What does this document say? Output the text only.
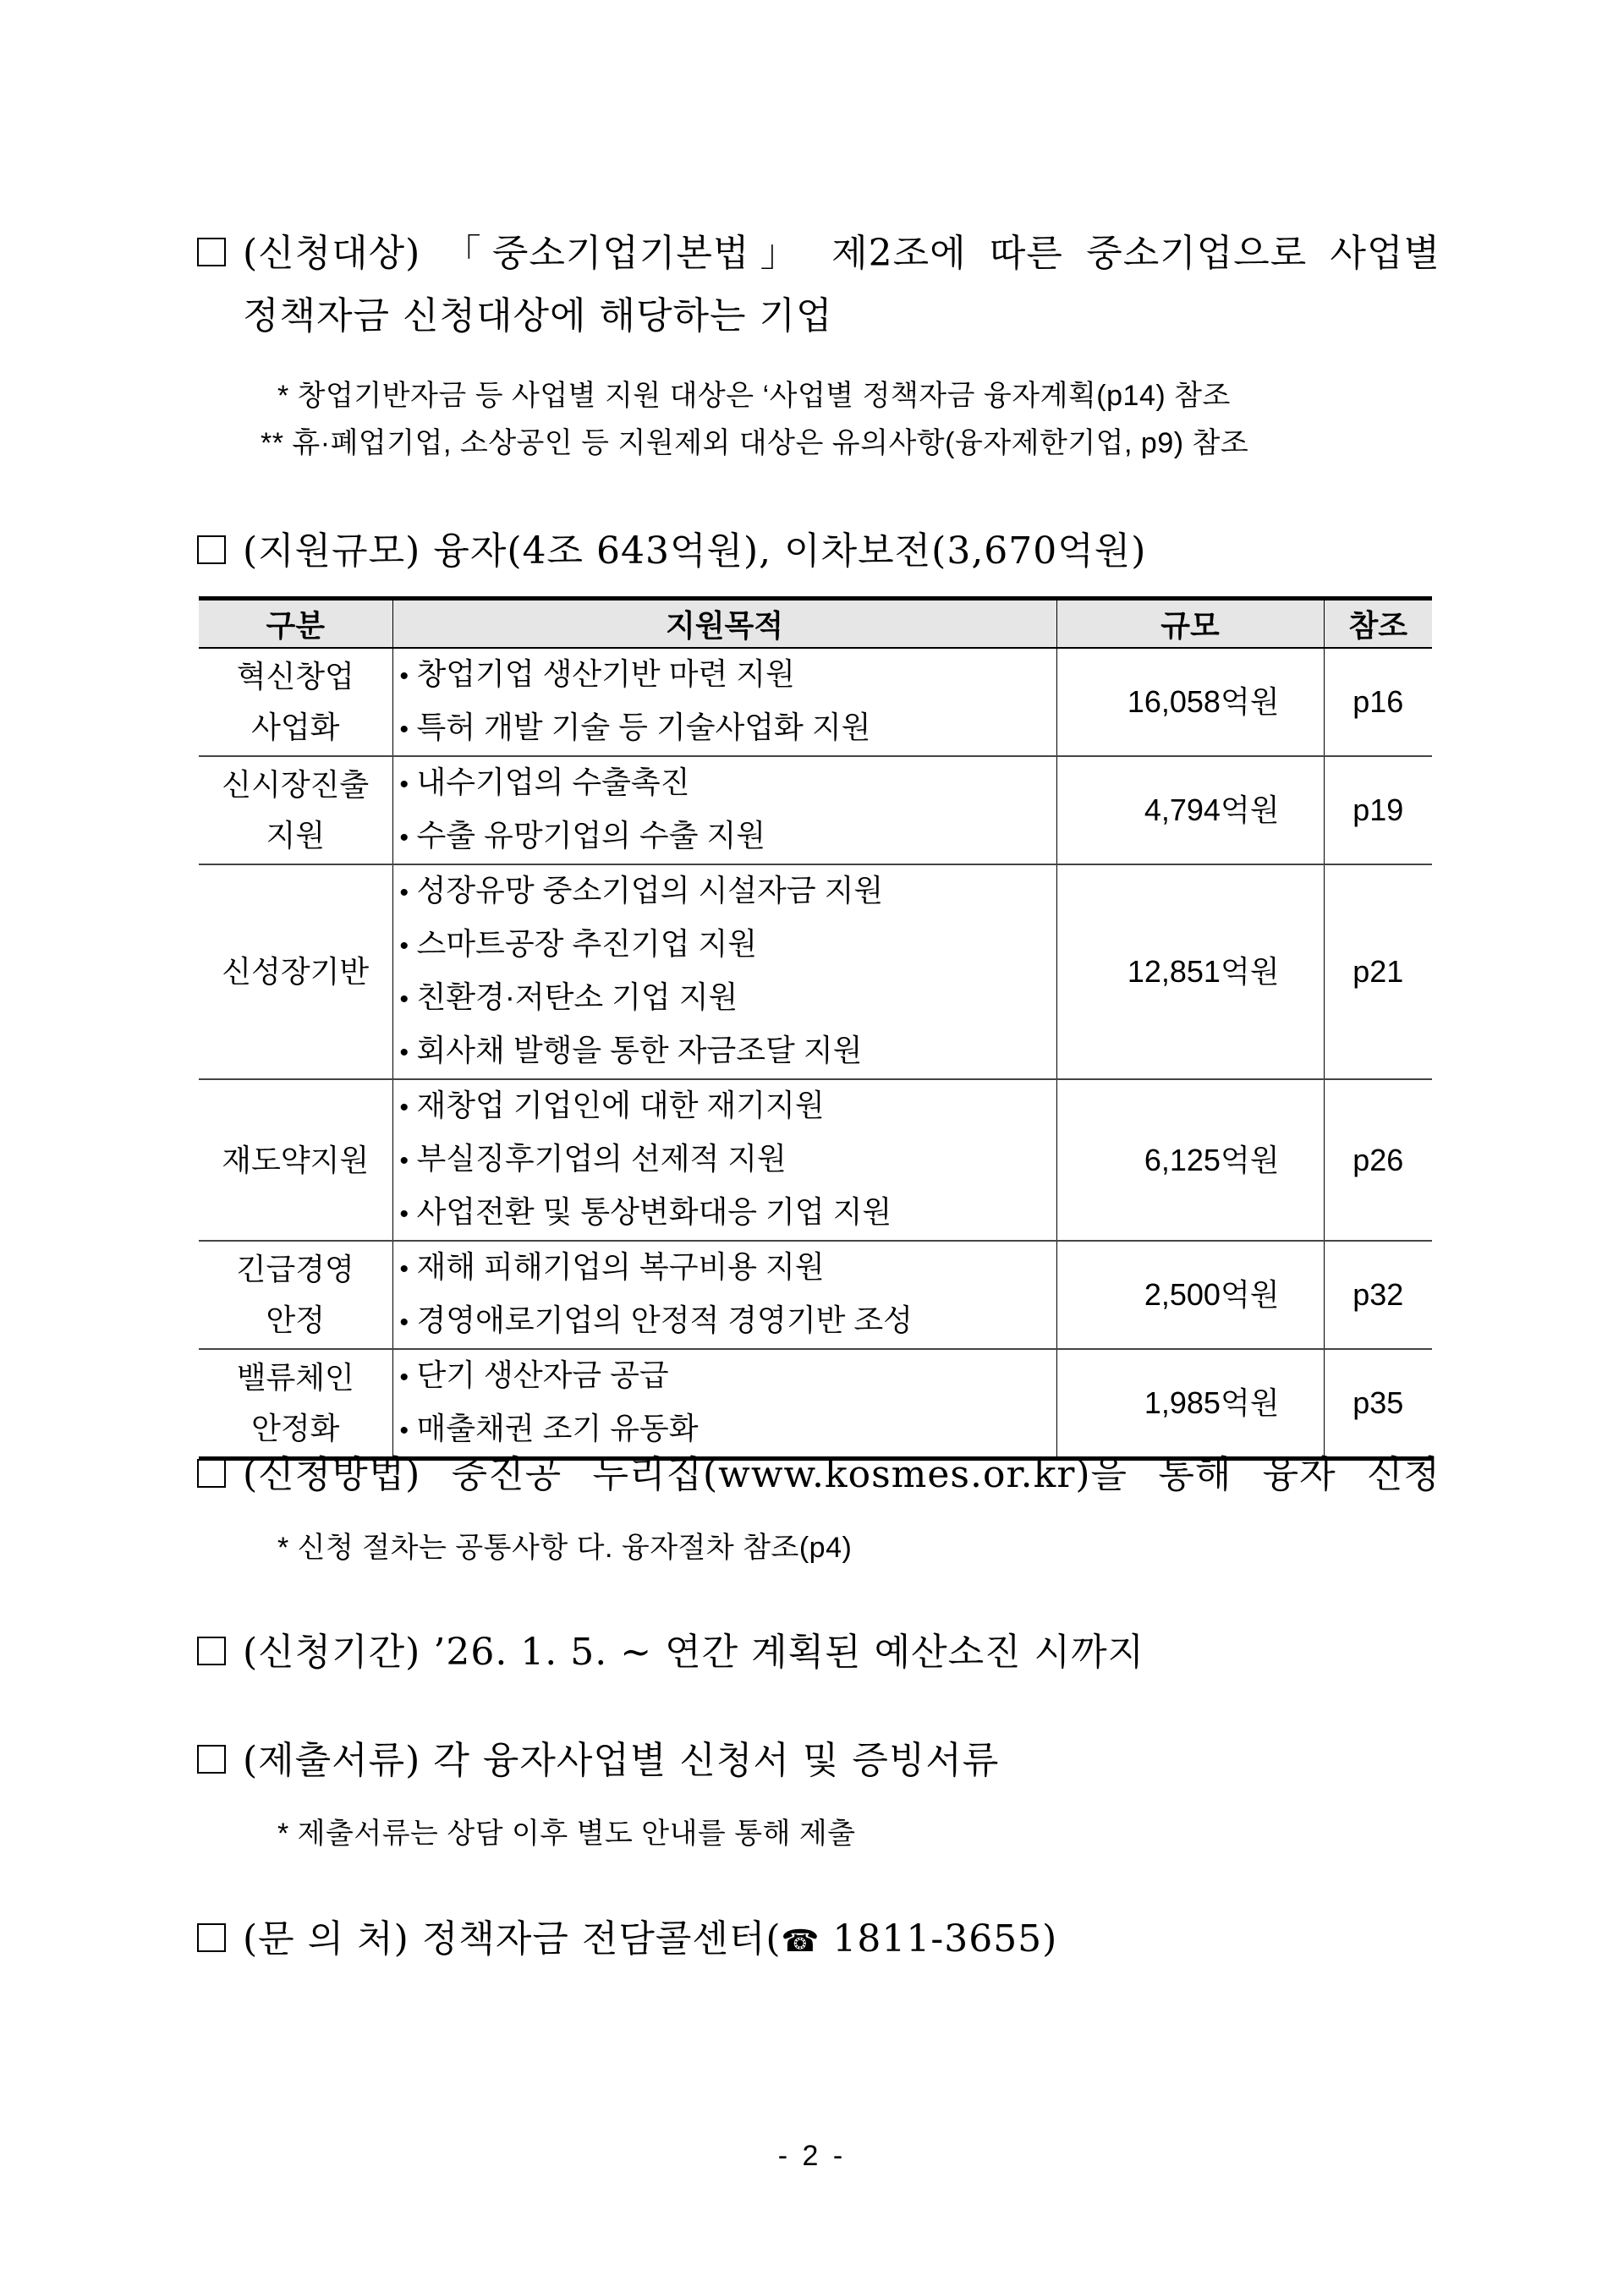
(신청대상) 「중소기업기본법」 제2조에 따른 중소기업으로 사업별
정책자금 신청대상에 해당하는 기업
* 창업기반자금 등 사업별 지원 대상은 ‘사업별 정책자금 융자계획(p14) 참조
** 휴·폐업기업, 소상공인 등 지원제외 대상은 유의사항(융자제한기업, p9) 참조
(지원규모) 융자(4조 643억원), 이차보전(3,670억원)
구분	지원목적	규모	참조

혁신창업
사업화	• 창업기업 생산기반 마련 지원
• 특허 개발 기술 등 기술사업화 지원	16,058억원	p16

신시장진출
지원	• 내수기업의 수출촉진
• 수출 유망기업의 수출 지원	4,794억원	p19

신성장기반	• 성장유망 중소기업의 시설자금 지원
• 스마트공장 추진기업 지원
• 친환경·저탄소 기업 지원
• 회사채 발행을 통한 자금조달 지원	12,851억원	p21

재도약지원	• 재창업 기업인에 대한 재기지원
• 부실징후기업의 선제적 지원
• 사업전환 및 통상변화대응 기업 지원	6,125억원	p26

긴급경영
안정	• 재해 피해기업의 복구비용 지원
• 경영애로기업의 안정적 경영기반 조성	2,500억원	p32

밸류체인
안정화	• 단기 생산자금 공급
• 매출채권 조기 유동화	1,985억원	p35
(신청방법) 중진공 누리집(www.kosmes.or.kr)을 통해 융자 신청
* 신청 절차는 공통사항 다. 융자절차 참조(p4)
(신청기간) ’26. 1. 5. ~ 연간 계획된 예산소진 시까지
(제출서류) 각 융자사업별 신청서 및 증빙서류
* 제출서류는 상담 이후 별도 안내를 통해 제출
(문 의 처) 정책자금 전담콜센터(☎ 1811-3655)
- 2 -
